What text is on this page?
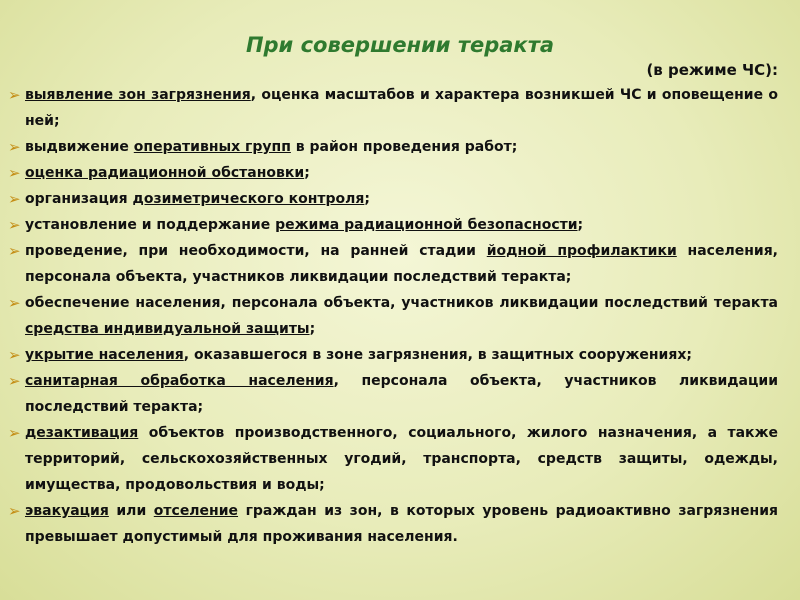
При совершении теракта
(в режиме ЧС):
➢ выявление зон загрязнения, оценка масштабов и характера возникшей ЧС и оповещение о ней;
➢ выдвижение оперативных групп в район проведения работ;
➢ оценка радиационной обстановки;
➢ организация дозиметрического контроля;
➢ установление и поддержание режима радиационной безопасности;
➢ проведение, при необходимости, на ранней стадии йодной профилактики населения, персонала объекта, участников ликвидации последствий теракта;
➢ обеспечение населения, персонала объекта, участников ликвидации последствий теракта средства индивидуальной защиты;
➢ укрытие населения, оказавшегося в зоне загрязнения, в защитных сооружениях;
➢ санитарная обработка населения, персонала объекта, участников ликвидации последствий теракта;
➢ дезактивация объектов производственного, социального, жилого назначения, а также территорий, сельскохозяйственных угодий, транспорта, средств защиты, одежды, имущества, продовольствия и воды;
➢ эвакуация или отселение граждан из зон, в которых уровень радиоактивно загрязнения превышает допустимый для проживания населения.
